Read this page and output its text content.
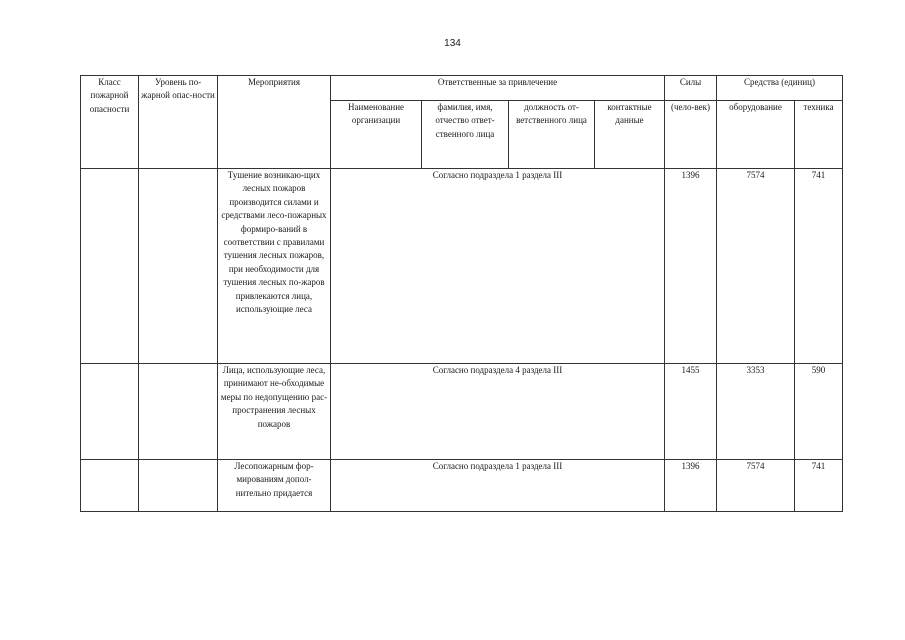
134
Класс пожарной опасности	Уровень по-жарной опас-ности	Мероприятия	Ответственные за привлечение				Силы	Средства (единиц)	
			Наименование организации	фамилия, имя, отчество ответ-ственного лица	должность от-ветственного лица	контактные данные	(чело-век)	оборудование	техника
		Тушение возникаю-щих лесных пожаров производится силами и средствами лесо-пожарных формиро-ваний в соответствии с правилами тушения лесных пожаров, при необходимости для тушения лесных по-жаров привлекаются лица, использующие леса	Согласно подраздела 1 раздела III				1396	7574	741
		Лица, использующие леса, принимают не-обходимые меры по недопущению рас-пространения лесных пожаров	Согласно подраздела 4 раздела III				1455	3353	590
		Лесопожарным фор-мированиям допол-нительно придается	Согласно подраздела 1 раздела III				1396	7574	741
